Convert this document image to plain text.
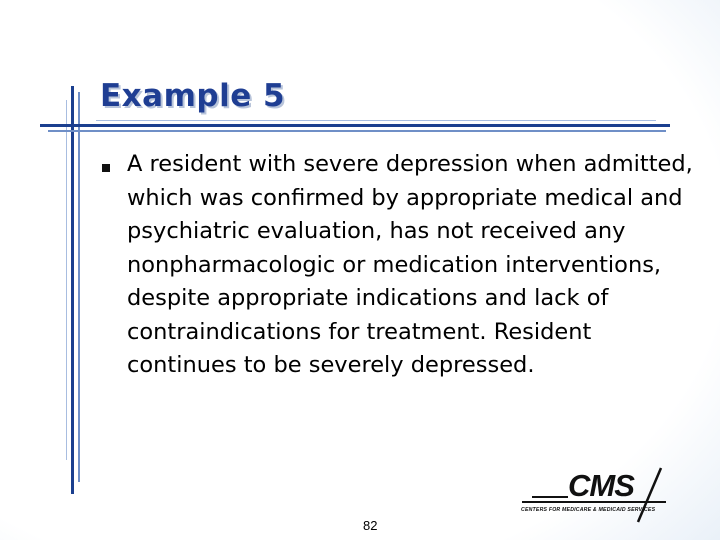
Example 5
A resident with severe depression when admitted, which was confirmed by appropriate medical and psychiatric evaluation, has not received any nonpharmacologic or medication interventions, despite appropriate indications and lack of contraindications for treatment. Resident continues to be severely depressed.
CMS
CENTERS FOR MEDICARE & MEDICAID SERVICES
82
